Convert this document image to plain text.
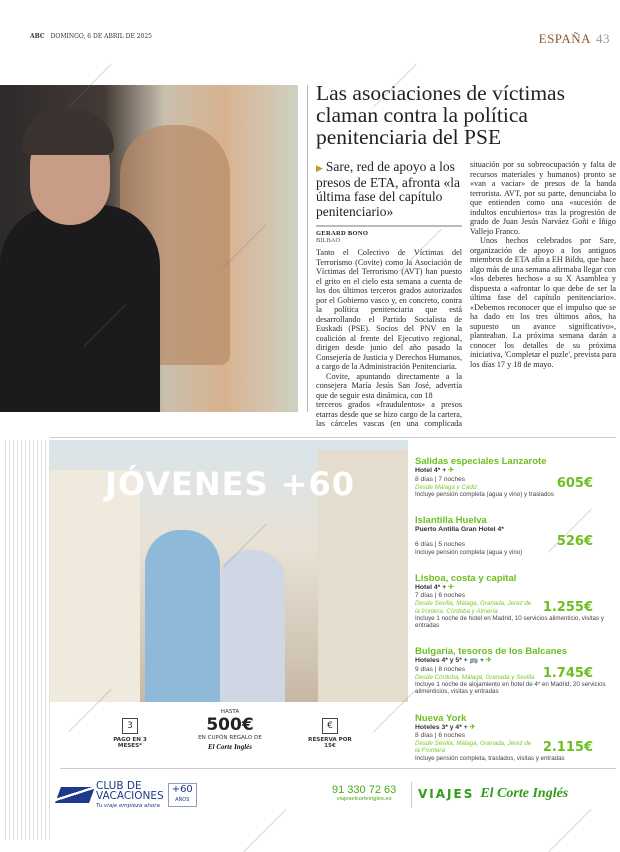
ABC DOMINGO, 6 DE ABRIL DE 2025	ESPAÑA 43
Las asociaciones de víctimas claman contra la política penitenciaria del PSE
▶ Sare, red de apoyo a los presos de ETA, afronta «la última fase del capítulo penitenciario»
GERARD BONO
BILBAO

Tanto el Colectivo de Víctimas del Terrorismo (Covite) como la Asociación de Víctimas del Terrorismo (AVT) han puesto el grito en el cielo esta semana a cuenta de los dos últimos terceros grados autorizados por el Gobierno vasco y, en concreto, contra la política penitenciaria que está desarrollando el Partido Socialista de Euskadi (PSE). Socios del PNV en la coalición al frente del Ejecutivo regional, dirigen desde junio del año pasado la Consejería de Justicia y Derechos Humanos, a cargo de la Administración Penitenciaria.

Covite, apuntando directamente a la consejera María Jesús San José, advertía que de seguir esta dinámica, con 18

terceros grados «fraudulentos» a presos etarras desde que se hizo cargo de la cartera, las cárceles vascas (en una complicada situación por su sobreocupación y falta de recursos materiales y humanos) pronto se «van a vaciar» de presos de la banda terrorista. AVT, por su parte, denunciaba lo que entienden como una «sucesión de indultos encubiertos» tras la progresión de grado de Juan Jesús Narváez Goñi e Iñigo Vallejo Franco.

Unos hechos celebrados por Sare, organización de apoyo a los antiguos miembros de ETA afín a EH Bildu, que hace algo más de una semana afirmaba llegar con «los deberes hechos» a su X Asamblea y dispuesta a «afrontar lo que debe de ser la última fase del capítulo penitenciario». «Debemos reconocer que el impulso que se ha dado en los tres últimos años, ha supuesto un avance significativo», planteaban. La próxima semana darán a conocer los detalles de su próxima iniciativa, 'Completar el puzle', prevista para los días 17 y 18 de mayo.

JÓVENES +60
Salidas especiales Lanzarote
Hotel 4* + ✈
8 días | 7 noches
Desde Málaga y Cádiz	605€
Incluye pensión completa (agua y vino) y traslados
Islantilla Huelva
Puerto Antilla Gran Hotel 4*
6 días | 5 noches	526€
Incluye pensión completa (agua y vino)
Lisboa, costa y capital
Hotel 4* + ✈
7 días | 6 noches
Desde Sevilla, Málaga, Granada, Jerez de la frontera, Córdoba y Almería	1.255€
Incluye 1 noche de hotel en Madrid, 10 servicios alimenticio, visitas y entradas
Bulgaria, tesoros de los Balcanes
Hoteles 4* y 5* + 🚌 + ✈
9 días | 8 noches
Desde Córdoba, Málaga, Granada y Sevilla 1.745€
Incluye 1 noche de alojamiento en hotel de 4* en Madrid, 20 servicios alimenticios, visitas y entradas
Nueva York
Hoteles 3* y 4* + ✈
8 días | 6 noches
Desde Sevilla, Málaga, Granada, Jerez de la Frontera	2.115€
Incluye pensión completa, traslados, visitas y entradas
3
PAGO EN 3 MESES*
HASTA
500€
EN CUPÓN REGALO DE
El Corte Inglés
€
RESERVA POR 15€
CLUB DE
VACACIONES
Tu viaje empieza ahora
+60
AÑOS
91 330 72 63
viajeselcorteingles.es	VIAJES El Corte Inglés
